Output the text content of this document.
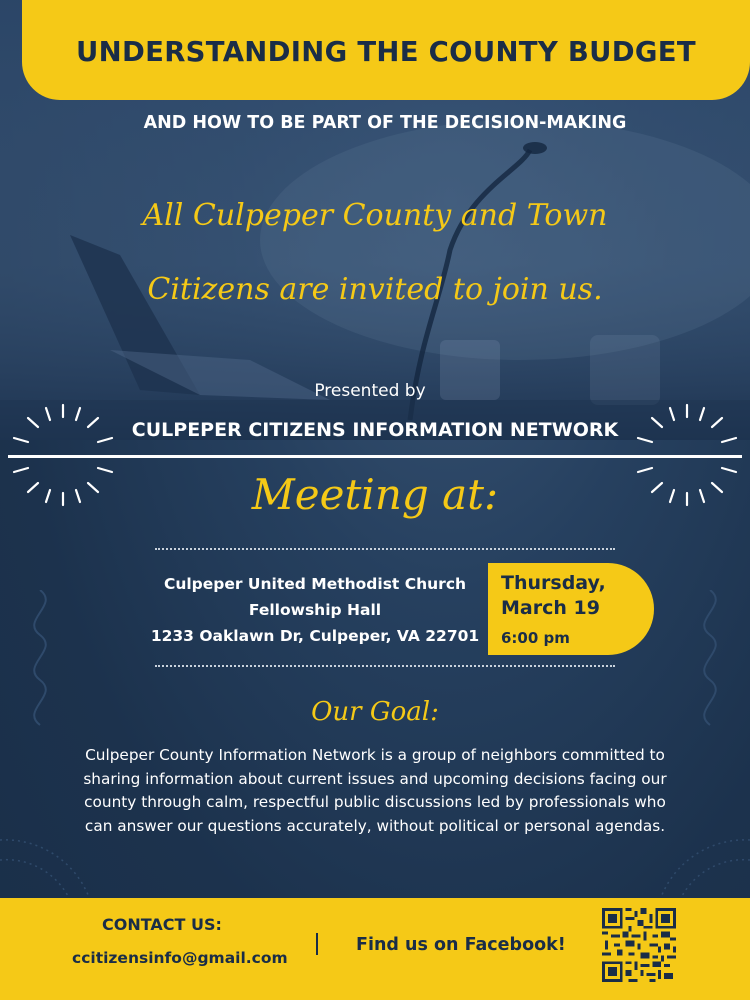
UNDERSTANDING THE COUNTY BUDGET
AND HOW TO BE PART OF THE DECISION-MAKING
All Culpeper County and Town
Citizens are invited to join us.
Presented by
CULPEPER CITIZENS INFORMATION NETWORK
Meeting at:
Culpeper United Methodist Church
Fellowship Hall
1233 Oaklawn Dr, Culpeper, VA 22701
Thursday,
March 19
6:00 pm
Our Goal:
Culpeper County Information Network is a group of neighbors committed to sharing information about current issues and upcoming decisions facing our county through calm, respectful public discussions led by professionals who can answer our questions accurately, without political or personal agendas.
CONTACT US:
ccitizensinfo@gmail.com
Find us on Facebook!
